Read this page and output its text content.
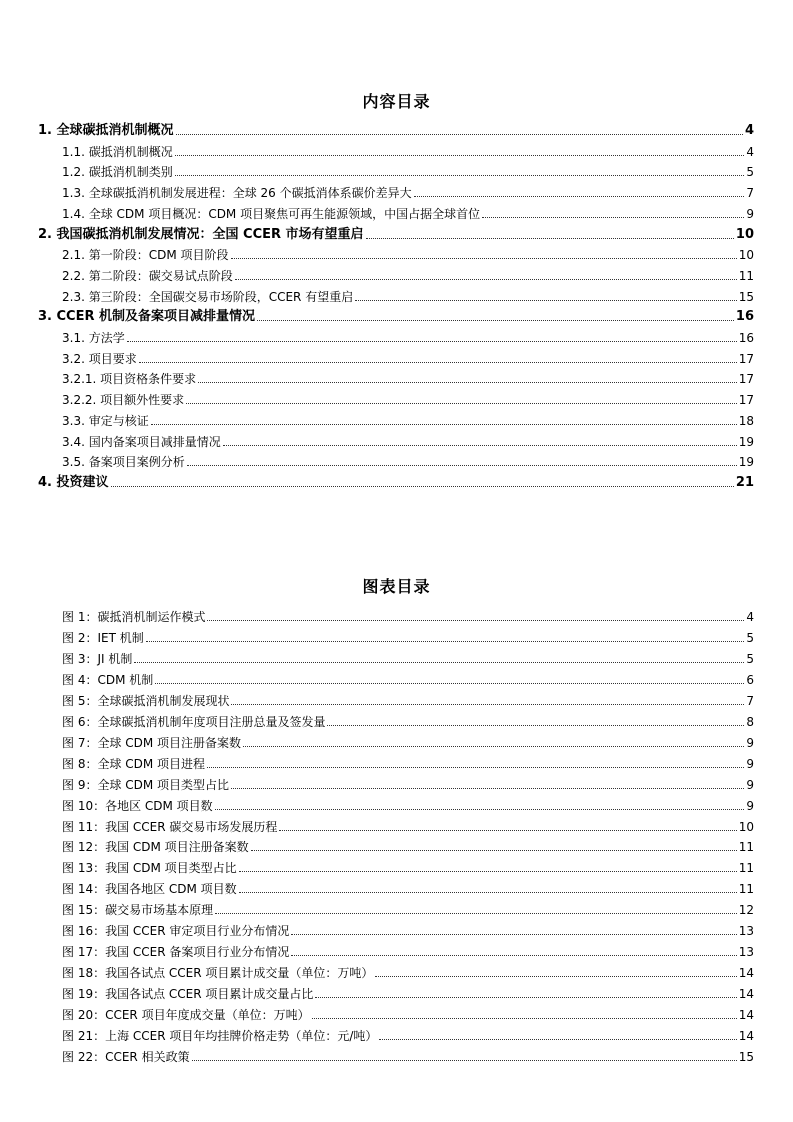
内容目录
1. 全球碳抵消机制概况	4
1.1. 碳抵消机制概况	4
1.2. 碳抵消机制类别	5
1.3. 全球碳抵消机制发展进程：全球 26 个碳抵消体系碳价差异大	7
1.4. 全球 CDM 项目概况：CDM 项目聚焦可再生能源领域，中国占据全球首位	9
2. 我国碳抵消机制发展情况：全国 CCER 市场有望重启	10
2.1. 第一阶段：CDM 项目阶段	10
2.2. 第二阶段：碳交易试点阶段	11
2.3. 第三阶段：全国碳交易市场阶段，CCER 有望重启	15
3. CCER 机制及备案项目减排量情况	16
3.1. 方法学	16
3.2. 项目要求	17
3.2.1. 项目资格条件要求	17
3.2.2. 项目额外性要求	17
3.3. 审定与核证	18
3.4. 国内备案项目减排量情况	19
3.5. 备案项目案例分析	19
4. 投资建议	21
图表目录
图 1：碳抵消机制运作模式	4
图 2：IET 机制	5
图 3：JI 机制	5
图 4：CDM 机制	6
图 5：全球碳抵消机制发展现状	7
图 6：全球碳抵消机制年度项目注册总量及签发量	8
图 7：全球 CDM 项目注册备案数	9
图 8：全球 CDM 项目进程	9
图 9：全球 CDM 项目类型占比	9
图 10：各地区 CDM 项目数	9
图 11：我国 CCER 碳交易市场发展历程	10
图 12：我国 CDM 项目注册备案数	11
图 13：我国 CDM 项目类型占比	11
图 14：我国各地区 CDM 项目数	11
图 15：碳交易市场基本原理	12
图 16：我国 CCER 审定项目行业分布情况	13
图 17：我国 CCER 备案项目行业分布情况	13
图 18：我国各试点 CCER 项目累计成交量（单位：万吨）	14
图 19：我国各试点 CCER 项目累计成交量占比	14
图 20：CCER 项目年度成交量（单位：万吨）	14
图 21：上海 CCER 项目年均挂牌价格走势（单位：元/吨）	14
图 22：CCER 相关政策	15
